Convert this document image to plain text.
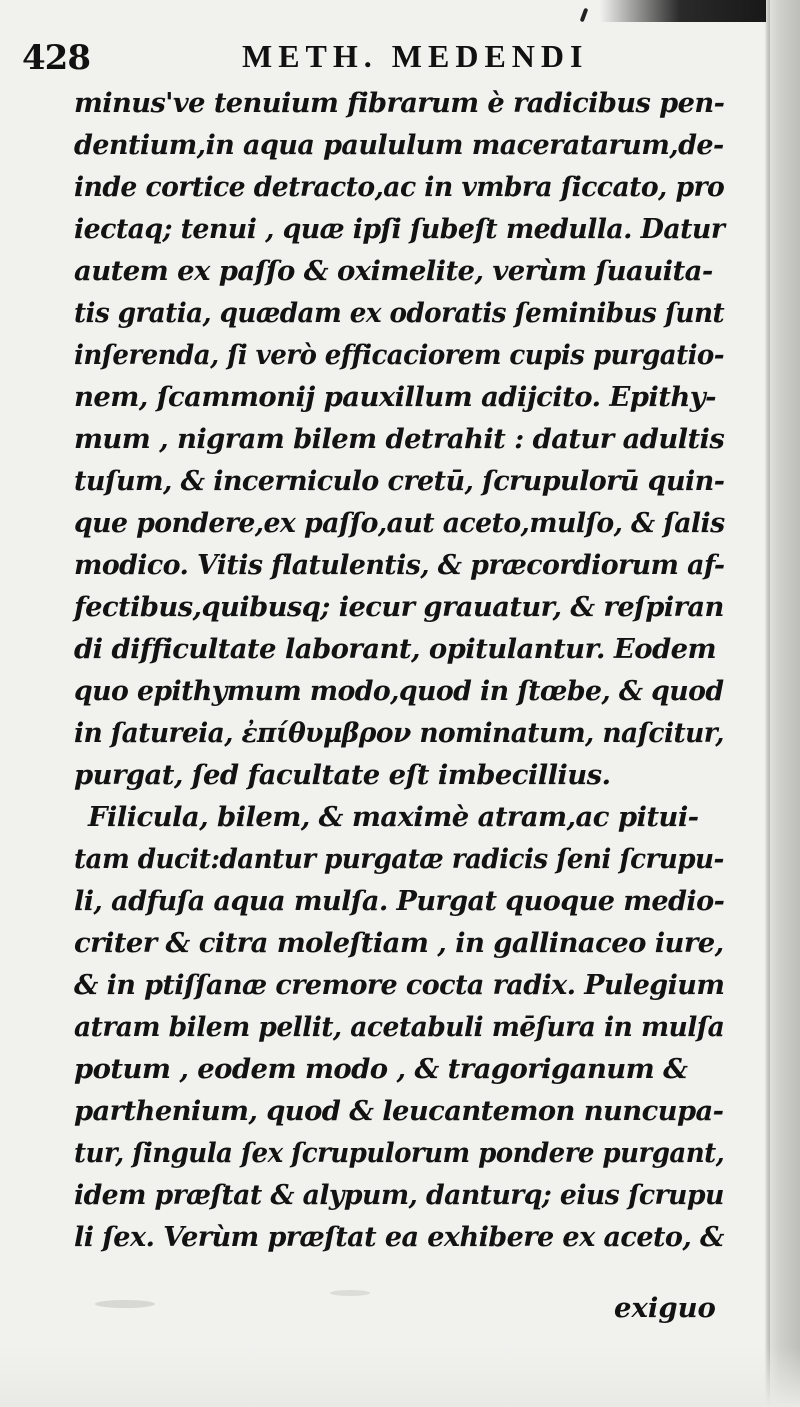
428	METH. MEDENDI
minus've tenuium fibrarum è radicibus pen-
dentium,in aqua paululum maceratarum,de-
inde cortice detracto,ac in vmbra ſiccato, pro
iectaq; tenui , quæ ipſi ſubeſt medulla. Datur
autem ex paſſo & oximelite, verùm ſuauita-
tis gratia, quædam ex odoratis ſeminibus ſunt
inſerenda, ſi verò efficaciorem cupis purgatio-
nem, ſcammonij pauxillum adijcito. Epithy-
mum , nigram bilem detrahit : datur adultis
tuſum, & incerniculo cretū, ſcrupulorū quin-
que pondere,ex paſſo,aut aceto,mulſo, & ſalis
modico. Vitis flatulentis, & præcordiorum af-
fectibus,quibusq; iecur grauatur, & reſpiran
di difficultate laborant, opitulantur. Eodem
quo epithymum modo,quod in ſtœbe, & quod
in ſatureia, ἐπίθυμβρον nominatum, naſcitur,
purgat, ſed facultate eſt imbecillius.
Filicula, bilem, & maximè atram,ac pitui-
tam ducit:dantur purgatæ radicis ſeni ſcrupu-
li, adfuſa aqua mulſa. Purgat quoque medio-
criter & citra moleſtiam , in gallinaceo iure,
& in ptiſſanæ cremore cocta radix. Pulegium
atram bilem pellit, acetabuli mēſura in mulſa
potum , eodem modo , & tragoriganum &
parthenium, quod & leucantemon nuncupa-
tur, ſingula ſex ſcrupulorum pondere purgant,
idem præſtat & alypum, danturq; eius ſcrupu
li ſex. Verùm præſtat ea exhibere ex aceto, &
exiguo
